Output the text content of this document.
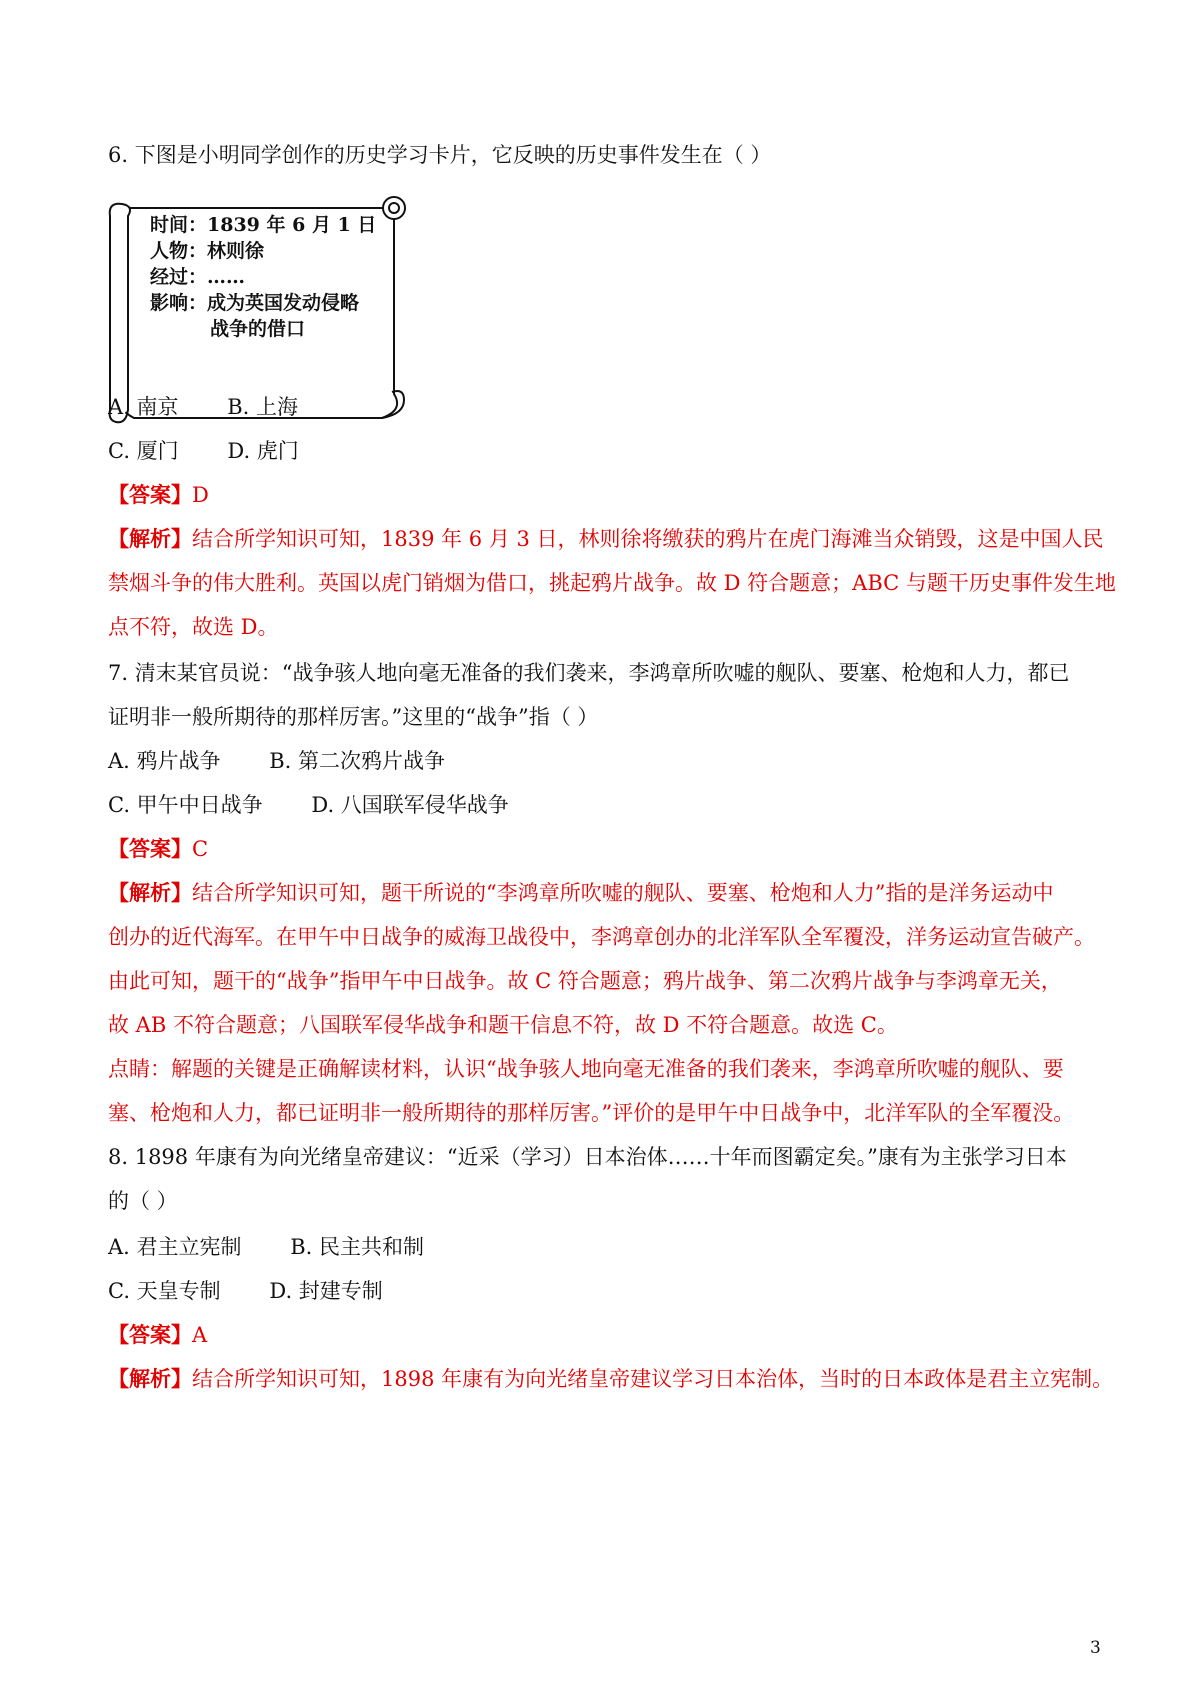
6. 下图是小明同学创作的历史学习卡片，它反映的历史事件发生在（ ）
时间：1839 年 6 月 1 日
人物：林则徐
经过：……
影响：成为英国发动侵略
战争的借口
A. 南京 B. 上海
C. 厦门 D. 虎门
【答案】D
【解析】结合所学知识可知，1839 年 6 月 3 日，林则徐将缴获的鸦片在虎门海滩当众销毁，这是中国人民
禁烟斗争的伟大胜利。英国以虎门销烟为借口，挑起鸦片战争。故 D 符合题意；ABC 与题干历史事件发生地
点不符，故选 D。
7. 清末某官员说：“战争骇人地向毫无准备的我们袭来，李鸿章所吹嘘的舰队、要塞、枪炮和人力，都已
证明非一般所期待的那样厉害。”这里的“战争”指（ ）
A. 鸦片战争 B. 第二次鸦片战争
C. 甲午中日战争 D. 八国联军侵华战争
【答案】C
【解析】结合所学知识可知，题干所说的“李鸿章所吹嘘的舰队、要塞、枪炮和人力”指的是洋务运动中
创办的近代海军。在甲午中日战争的威海卫战役中，李鸿章创办的北洋军队全军覆没，洋务运动宣告破产。
由此可知，题干的“战争”指甲午中日战争。故 C 符合题意；鸦片战争、第二次鸦片战争与李鸿章无关，
故 AB 不符合题意；八国联军侵华战争和题干信息不符，故 D 不符合题意。故选 C。
点睛：解题的关键是正确解读材料，认识“战争骇人地向毫无准备的我们袭来，李鸿章所吹嘘的舰队、要
塞、枪炮和人力，都已证明非一般所期待的那样厉害。”评价的是甲午中日战争中，北洋军队的全军覆没。
8. 1898 年康有为向光绪皇帝建议：“近采（学习）日本治体……十年而图霸定矣。”康有为主张学习日本
的（ ）
A. 君主立宪制 B. 民主共和制
C. 天皇专制 D. 封建专制
【答案】A
【解析】结合所学知识可知，1898 年康有为向光绪皇帝建议学习日本治体，当时的日本政体是君主立宪制。
3
